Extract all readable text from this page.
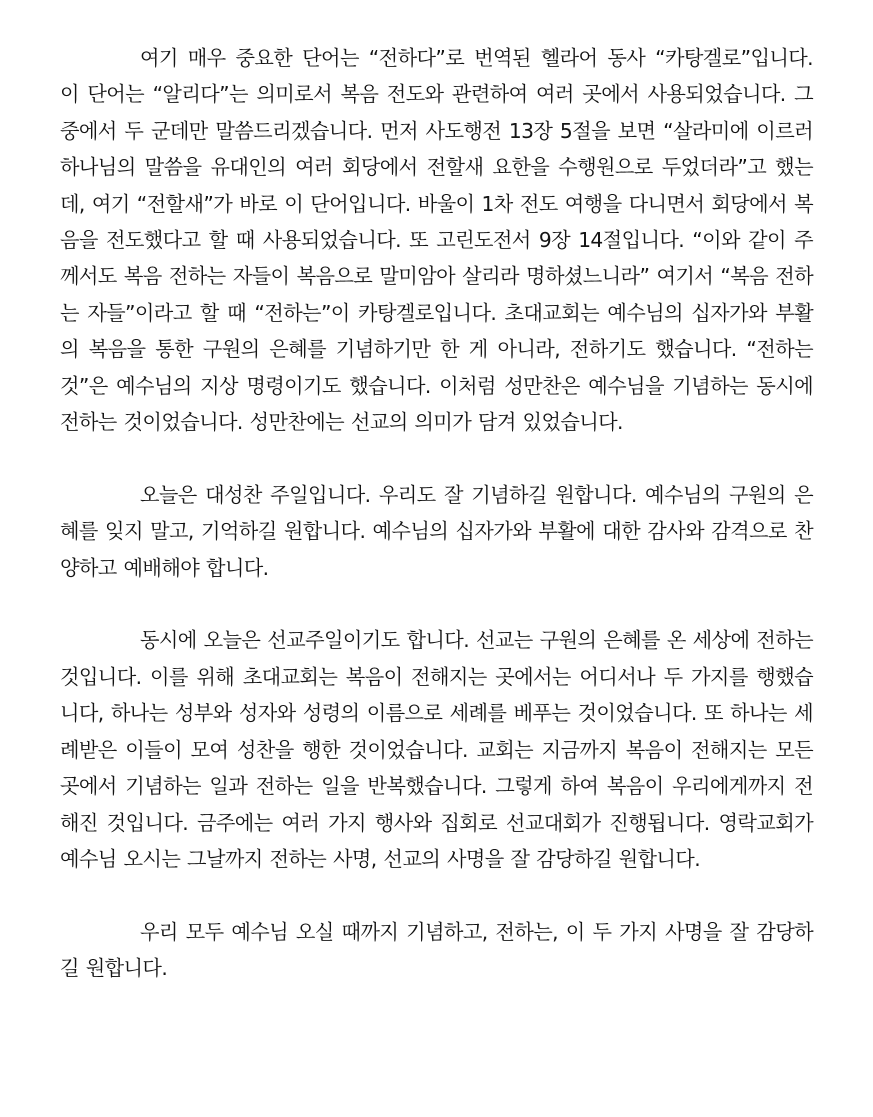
여기 매우 중요한 단어는 “전하다”로 번역된 헬라어 동사 “카탕겔로”입니다. 이 단어는 “알리다”는 의미로서 복음 전도와 관련하여 여러 곳에서 사용되었습니다. 그중에서 두 군데만 말씀드리겠습니다. 먼저 사도행전 13장 5절을 보면 “살라미에 이르러 하나님의 말씀을 유대인의 여러 회당에서 전할새 요한을 수행원으로 두었더라”고 했는데, 여기 “전할새”가 바로 이 단어입니다. 바울이 1차 전도 여행을 다니면서 회당에서 복음을 전도했다고 할 때 사용되었습니다. 또 고린도전서 9장 14절입니다. “이와 같이 주께서도 복음 전하는 자들이 복음으로 말미암아 살리라 명하셨느니라” 여기서 “복음 전하는 자들”이라고 할 때 “전하는”이 카탕겔로입니다. 초대교회는 예수님의 십자가와 부활의 복음을 통한 구원의 은혜를 기념하기만 한 게 아니라, 전하기도 했습니다. “전하는 것”은 예수님의 지상 명령이기도 했습니다. 이처럼 성만찬은 예수님을 기념하는 동시에 전하는 것이었습니다. 성만찬에는 선교의 의미가 담겨 있었습니다.

오늘은 대성찬 주일입니다. 우리도 잘 기념하길 원합니다. 예수님의 구원의 은혜를 잊지 말고, 기억하길 원합니다. 예수님의 십자가와 부활에 대한 감사와 감격으로 찬양하고 예배해야 합니다.

동시에 오늘은 선교주일이기도 합니다. 선교는 구원의 은혜를 온 세상에 전하는 것입니다. 이를 위해 초대교회는 복음이 전해지는 곳에서는 어디서나 두 가지를 행했습니다, 하나는 성부와 성자와 성령의 이름으로 세례를 베푸는 것이었습니다. 또 하나는 세례받은 이들이 모여 성찬을 행한 것이었습니다. 교회는 지금까지 복음이 전해지는 모든 곳에서 기념하는 일과 전하는 일을 반복했습니다. 그렇게 하여 복음이 우리에게까지 전해진 것입니다. 금주에는 여러 가지 행사와 집회로 선교대회가 진행됩니다. 영락교회가 예수님 오시는 그날까지 전하는 사명, 선교의 사명을 잘 감당하길 원합니다.

우리 모두 예수님 오실 때까지 기념하고, 전하는, 이 두 가지 사명을 잘 감당하길 원합니다.
